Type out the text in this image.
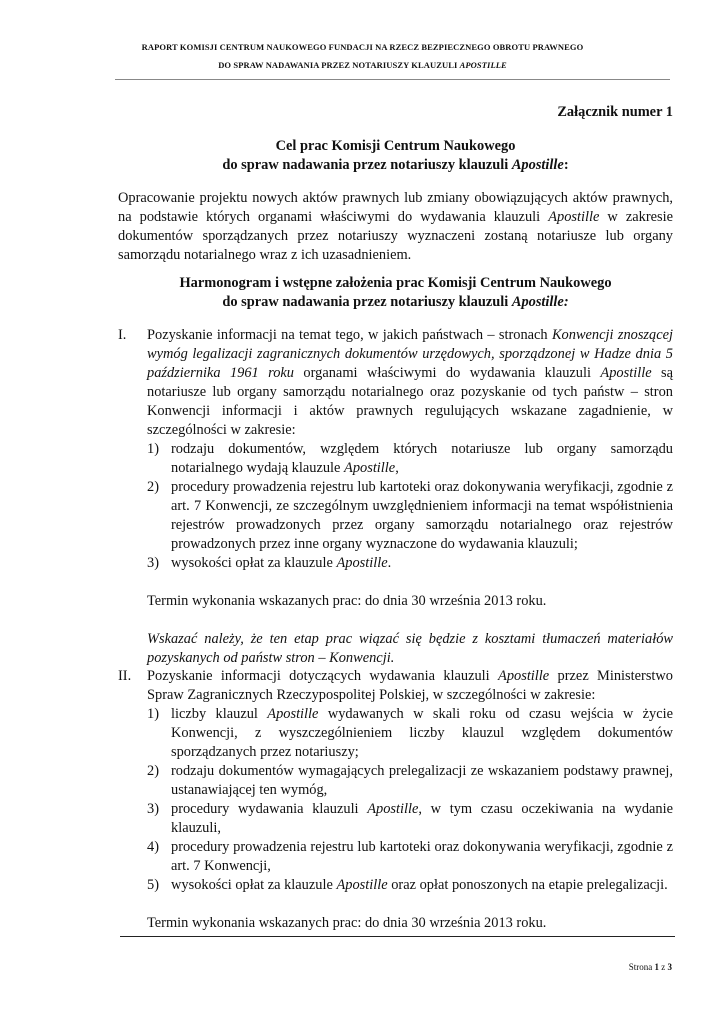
RAPORT KOMISJI CENTRUM NAUKOWEGO FUNDACJI NA RZECZ BEZPIECZNEGO OBROTU PRAWNEGO
DO SPRAW NADAWANIA PRZEZ NOTARIUSZY KLAUZULI APOSTILLE
Załącznik numer 1
Cel prac Komisji Centrum Naukowego
do spraw nadawania przez notariuszy klauzuli Apostille:
Opracowanie projektu nowych aktów prawnych lub zmiany obowiązujących aktów prawnych, na podstawie których organami właściwymi do wydawania klauzuli Apostille w zakresie dokumentów sporządzanych przez notariuszy wyznaczeni zostaną notariusze lub organy samorządu notarialnego wraz z ich uzasadnieniem.
Harmonogram i wstępne założenia prac Komisji Centrum Naukowego
do spraw nadawania przez notariuszy klauzuli Apostille:
I. Pozyskanie informacji na temat tego, w jakich państwach – stronach Konwencji znoszącej wymóg legalizacji zagranicznych dokumentów urzędowych, sporządzonej w Hadze dnia 5 października 1961 roku organami właściwymi do wydawania klauzuli Apostille są notariusze lub organy samorządu notarialnego oraz pozyskanie od tych państw – stron Konwencji informacji i aktów prawnych regulujących wskazane zagadnienie, w szczególności w zakresie:
1) rodzaju dokumentów, względem których notariusze lub organy samorządu notarialnego wydają klauzule Apostille,
2) procedury prowadzenia rejestru lub kartoteki oraz dokonywania weryfikacji, zgodnie z art. 7 Konwencji, ze szczególnym uwzględnieniem informacji na temat współistnienia rejestrów prowadzonych przez organy samorządu notarialnego oraz rejestrów prowadzonych przez inne organy wyznaczone do wydawania klauzuli;
3) wysokości opłat za klauzule Apostille.
Termin wykonania wskazanych prac: do dnia 30 września 2013 roku.
Wskazać należy, że ten etap prac wiązać się będzie z kosztami tłumaczeń materiałów pozyskanych od państw stron – Konwencji.
II. Pozyskanie informacji dotyczących wydawania klauzuli Apostille przez Ministerstwo Spraw Zagranicznych Rzeczypospolitej Polskiej, w szczególności w zakresie:
1) liczby klauzul Apostille wydawanych w skali roku od czasu wejścia w życie Konwencji, z wyszczególnieniem liczby klauzul względem dokumentów sporządzanych przez notariuszy;
2) rodzaju dokumentów wymagających prelegalizacji ze wskazaniem podstawy prawnej, ustanawiającej ten wymóg,
3) procedury wydawania klauzuli Apostille, w tym czasu oczekiwania na wydanie klauzuli,
4) procedury prowadzenia rejestru lub kartoteki oraz dokonywania weryfikacji, zgodnie z art. 7 Konwencji,
5) wysokości opłat za klauzule Apostille oraz opłat ponoszonych na etapie prelegalizacji.
Termin wykonania wskazanych prac: do dnia 30 września 2013 roku.
Strona 1 z 3
